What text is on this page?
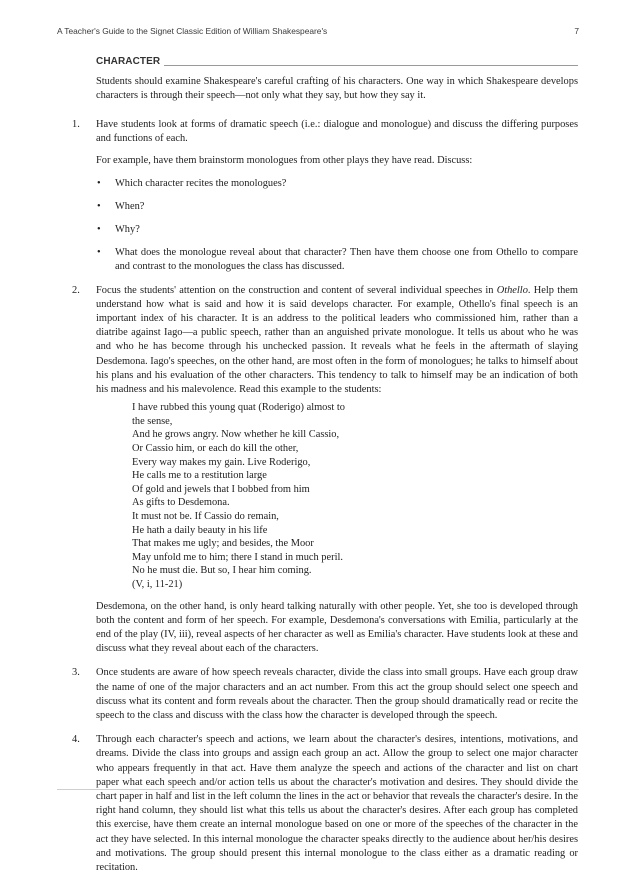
A Teacher's Guide to the Signet Classic Edition of William Shakespeare's	7
CHARACTER

Students should examine Shakespeare's careful crafting of his characters. One way in which Shakespeare develops characters is through their speech—not only what they say, but how they say it.

1. Have students look at forms of dramatic speech (i.e.: dialogue and monologue) and discuss the differing purposes and functions of each.

For example, have them brainstorm monologues from other plays they have read. Discuss:

• Which character recites the monologues?

• When?

• Why?

• What does the monologue reveal about that character? Then have them choose one from Othello to compare and contrast to the monologues the class has discussed.

2. Focus the students' attention on the construction and content of several individual speeches in Othello. Help them understand how what is said and how it is said develops character. For example, Othello's final speech is an important index of his character. It is an address to the political leaders who commissioned him, rather than a diatribe against Iago—a public speech, rather than an anguished private monologue. It tells us about who he was and who he has become through his unchecked passion. It reveals what he feels in the aftermath of slaying Desdemona. Iago's speeches, on the other hand, are most often in the form of monologues; he talks to himself about his plans and his evaluation of the other characters. This tendency to talk to himself may be an indication of both his madness and his malevolence. Read this example to the students:

I have rubbed this young quat (Roderigo) almost to
the sense,
And he grows angry. Now whether he kill Cassio,
Or Cassio him, or each do kill the other,
Every way makes my gain. Live Roderigo,
He calls me to a restitution large
Of gold and jewels that I bobbed from him
As gifts to Desdemona.
It must not be. If Cassio do remain,
He hath a daily beauty in his life
That makes me ugly; and besides, the Moor
May unfold me to him; there I stand in much peril.
No he must die. But so, I hear him coming.
(V, i, 11-21)

Desdemona, on the other hand, is only heard talking naturally with other people. Yet, she too is developed through both the content and form of her speech. For example, Desdemona's conversations with Emilia, particularly at the end of the play (IV, iii), reveal aspects of her character as well as Emilia's character. Have students look at these and discuss what they reveal about each of the characters.

3. Once students are aware of how speech reveals character, divide the class into small groups. Have each group draw the name of one of the major characters and an act number. From this act the group should select one speech and discuss what its content and form reveals about the character. Then the group should dramatically read or recite the speech to the class and discuss with the class how the character is developed through the speech.

4. Through each character's speech and actions, we learn about the character's desires, intentions, motivations, and dreams. Divide the class into groups and assign each group an act. Allow the group to select one major character who appears frequently in that act. Have them analyze the speech and actions of the character and list on chart paper what each speech and/or action tells us about the character's motivation and desires. They should divide the chart paper in half and list in the left column the lines in the act or behavior that reveals the character's desire. In the right hand column, they should list what this tells us about the character's desires. After each group has completed this exercise, have them create an internal monologue based on one or more of the speeches of the character in the act they have selected. In this internal monologue the character speaks directly to the audience about her/his desires and motivations. The group should present this internal monologue to the class either as a dramatic reading or recitation.
